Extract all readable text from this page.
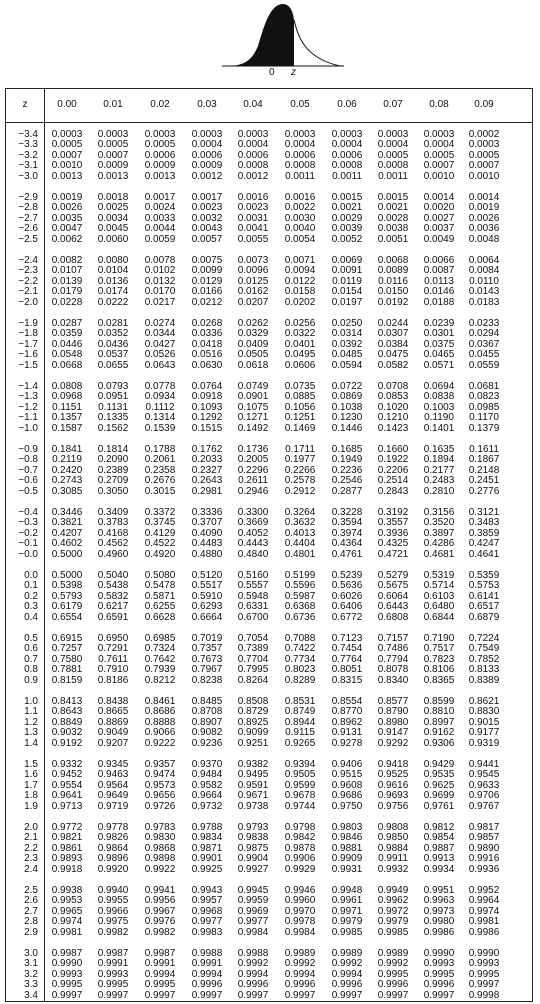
0 z
z	0.00	0.01	0.02	0.03	0.04	0.05	0.06	0.07	0.08	0.09
−3.4	0.0003	0.0003	0.0003	0.0003	0.0003	0.0003	0.0003	0.0003	0.0003	0.0002
−3.3	0.0005	0.0005	0.0005	0.0004	0.0004	0.0004	0.0004	0.0004	0.0004	0.0003
−3.2	0.0007	0.0007	0.0006	0.0006	0.0006	0.0006	0.0006	0.0005	0.0005	0.0005
−3.1	0.0010	0.0009	0.0009	0.0009	0.0008	0.0008	0.0008	0.0008	0.0007	0.0007
−3.0	0.0013	0.0013	0.0013	0.0012	0.0012	0.0011	0.0011	0.0011	0.0010	0.0010
−2.9	0.0019	0.0018	0.0017	0.0017	0.0016	0.0016	0.0015	0.0015	0.0014	0.0014
−2.8	0.0026	0.0025	0.0024	0.0023	0.0023	0.0022	0.0021	0.0021	0.0020	0.0019
−2.7	0.0035	0.0034	0.0033	0.0032	0.0031	0.0030	0.0029	0.0028	0.0027	0.0026
−2.6	0.0047	0.0045	0.0044	0.0043	0.0041	0.0040	0.0039	0.0038	0.0037	0.0036
−2.5	0.0062	0.0060	0.0059	0.0057	0.0055	0.0054	0.0052	0.0051	0.0049	0.0048
−2.4	0.0082	0.0080	0.0078	0.0075	0.0073	0.0071	0.0069	0.0068	0.0066	0.0064
−2.3	0.0107	0.0104	0.0102	0.0099	0.0096	0.0094	0.0091	0.0089	0.0087	0.0084
−2.2	0.0139	0.0136	0.0132	0.0129	0.0125	0.0122	0.0119	0.0116	0.0113	0.0110
−2.1	0.0179	0.0174	0.0170	0.0166	0.0162	0.0158	0.0154	0.0150	0.0146	0.0143
−2.0	0.0228	0.0222	0.0217	0.0212	0.0207	0.0202	0.0197	0.0192	0.0188	0.0183
−1.9	0.0287	0.0281	0.0274	0.0268	0.0262	0.0256	0.0250	0.0244	0.0239	0.0233
−1.8	0.0359	0.0352	0.0344	0.0336	0.0329	0.0322	0.0314	0.0307	0.0301	0.0294
−1.7	0.0446	0.0436	0.0427	0.0418	0.0409	0.0401	0.0392	0.0384	0.0375	0.0367
−1.6	0.0548	0.0537	0.0526	0.0516	0.0505	0.0495	0.0485	0.0475	0.0465	0.0455
−1.5	0.0668	0.0655	0.0643	0.0630	0.0618	0.0606	0.0594	0.0582	0.0571	0.0559
−1.4	0.0808	0.0793	0.0778	0.0764	0.0749	0.0735	0.0722	0.0708	0.0694	0.0681
−1.3	0.0968	0.0951	0.0934	0.0918	0.0901	0.0885	0.0869	0.0853	0.0838	0.0823
−1.2	0.1151	0.1131	0.1112	0.1093	0.1075	0.1056	0.1038	0.1020	0.1003	0.0985
−1.1	0.1357	0.1335	0.1314	0.1292	0.1271	0.1251	0.1230	0.1210	0.1190	0.1170
−1.0	0.1587	0.1562	0.1539	0.1515	0.1492	0.1469	0.1446	0.1423	0.1401	0.1379
−0.9	0.1841	0.1814	0.1788	0.1762	0.1736	0.1711	0.1685	0.1660	0.1635	0.1611
−0.8	0.2119	0.2090	0.2061	0.2033	0.2005	0.1977	0.1949	0.1922	0.1894	0.1867
−0.7	0.2420	0.2389	0.2358	0.2327	0.2296	0.2266	0.2236	0.2206	0.2177	0.2148
−0.6	0.2743	0.2709	0.2676	0.2643	0.2611	0.2578	0.2546	0.2514	0.2483	0.2451
−0.5	0.3085	0.3050	0.3015	0.2981	0.2946	0.2912	0.2877	0.2843	0.2810	0.2776
−0.4	0.3446	0.3409	0.3372	0.3336	0.3300	0.3264	0.3228	0.3192	0.3156	0.3121
−0.3	0.3821	0.3783	0.3745	0.3707	0.3669	0.3632	0.3594	0.3557	0.3520	0.3483
−0.2	0.4207	0.4168	0.4129	0.4090	0.4052	0.4013	0.3974	0.3936	0.3897	0.3859
−0.1	0.4602	0.4562	0.4522	0.4483	0.4443	0.4404	0.4364	0.4325	0.4286	0.4247
−0.0	0.5000	0.4960	0.4920	0.4880	0.4840	0.4801	0.4761	0.4721	0.4681	0.4641
0.0	0.5000	0.5040	0.5080	0.5120	0.5160	0.5199	0.5239	0.5279	0.5319	0.5359
0.1	0.5398	0.5438	0.5478	0.5517	0.5557	0.5596	0.5636	0.5675	0.5714	0.5753
0.2	0.5793	0.5832	0.5871	0.5910	0.5948	0.5987	0.6026	0.6064	0.6103	0.6141
0.3	0.6179	0.6217	0.6255	0.6293	0.6331	0.6368	0.6406	0.6443	0.6480	0.6517
0.4	0.6554	0.6591	0.6628	0.6664	0.6700	0.6736	0.6772	0.6808	0.6844	0.6879
0.5	0.6915	0.6950	0.6985	0.7019	0.7054	0.7088	0.7123	0.7157	0.7190	0.7224
0.6	0.7257	0.7291	0.7324	0.7357	0.7389	0.7422	0.7454	0.7486	0.7517	0.7549
0.7	0.7580	0.7611	0.7642	0.7673	0.7704	0.7734	0.7764	0.7794	0.7823	0.7852
0.8	0.7881	0.7910	0.7939	0.7967	0.7995	0.8023	0.8051	0.8078	0.8106	0.8133
0.9	0.8159	0.8186	0.8212	0.8238	0.8264	0.8289	0.8315	0.8340	0.8365	0.8389
1.0	0.8413	0.8438	0.8461	0.8485	0.8508	0.8531	0.8554	0.8577	0.8599	0.8621
1.1	0.8643	0.8665	0.8686	0.8708	0.8729	0.8749	0.8770	0.8790	0.8810	0.8830
1.2	0.8849	0.8869	0.8888	0.8907	0.8925	0.8944	0.8962	0.8980	0.8997	0.9015
1.3	0.9032	0.9049	0.9066	0.9082	0.9099	0.9115	0.9131	0.9147	0.9162	0.9177
1.4	0.9192	0.9207	0.9222	0.9236	0.9251	0.9265	0.9278	0.9292	0.9306	0.9319
1.5	0.9332	0.9345	0.9357	0.9370	0.9382	0.9394	0.9406	0.9418	0.9429	0.9441
1.6	0.9452	0.9463	0.9474	0.9484	0.9495	0.9505	0.9515	0.9525	0.9535	0.9545
1.7	0.9554	0.9564	0.9573	0.9582	0.9591	0.9599	0.9608	0.9616	0.9625	0.9633
1.8	0.9641	0.9649	0.9656	0.9664	0.9671	0.9678	0.9686	0.9693	0.9699	0.9706
1.9	0.9713	0.9719	0.9726	0.9732	0.9738	0.9744	0.9750	0.9756	0.9761	0.9767
2.0	0.9772	0.9778	0.9783	0.9788	0.9793	0.9798	0.9803	0.9808	0.9812	0.9817
2.1	0.9821	0.9826	0.9830	0.9834	0.9838	0.9842	0.9846	0.9850	0.9854	0.9857
2.2	0.9861	0.9864	0.9868	0.9871	0.9875	0.9878	0.9881	0.9884	0.9887	0.9890
2.3	0.9893	0.9896	0.9898	0.9901	0.9904	0.9906	0.9909	0.9911	0.9913	0.9916
2.4	0.9918	0.9920	0.9922	0.9925	0.9927	0.9929	0.9931	0.9932	0.9934	0.9936
2.5	0.9938	0.9940	0.9941	0.9943	0.9945	0.9946	0.9948	0.9949	0.9951	0.9952
2.6	0.9953	0.9955	0.9956	0.9957	0.9959	0.9960	0.9961	0.9962	0.9963	0.9964
2.7	0.9965	0.9966	0.9967	0.9968	0.9969	0.9970	0.9971	0.9972	0.9973	0.9974
2.8	0.9974	0.9975	0.9976	0.9977	0.9977	0.9978	0.9979	0.9979	0.9980	0.9981
2.9	0.9981	0.9982	0.9982	0.9983	0.9984	0.9984	0.9985	0.9985	0.9986	0.9986
3.0	0.9987	0.9987	0.9987	0.9988	0.9988	0.9989	0.9989	0.9989	0.9990	0.9990
3.1	0.9990	0.9991	0.9991	0.9991	0.9992	0.9992	0.9992	0.9992	0.9993	0.9993
3.2	0.9993	0.9993	0.9994	0.9994	0.9994	0.9994	0.9994	0.9995	0.9995	0.9995
3.3	0.9995	0.9995	0.9995	0.9996	0.9996	0.9996	0.9996	0.9996	0.9996	0.9997
3.4	0.9997	0.9997	0.9997	0.9997	0.9997	0.9997	0.9997	0.9997	0.9997	0.9998
